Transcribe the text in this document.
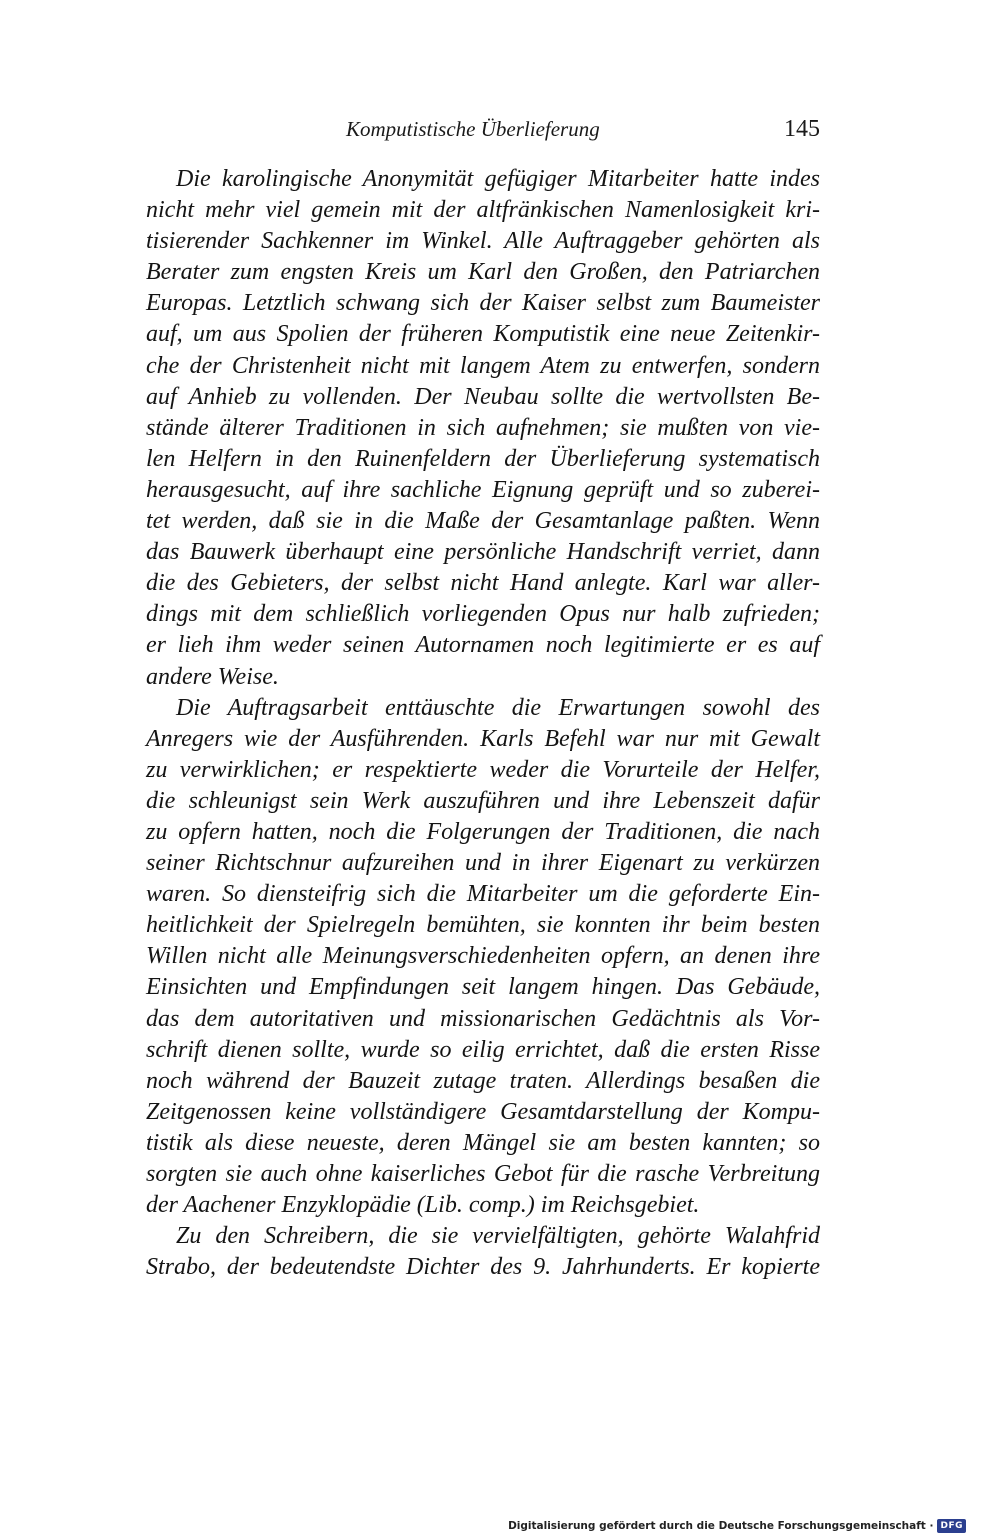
Komputistische Überlieferung	145
Die karolingische Anonymität gefügiger Mitarbeiter hatte indes
nicht mehr viel gemein mit der altfränkischen Namenlosigkeit kri-
tisierender Sachkenner im Winkel. Alle Auftraggeber gehörten als
Berater zum engsten Kreis um Karl den Großen, den Patriarchen
Europas. Letztlich schwang sich der Kaiser selbst zum Baumeister
auf, um aus Spolien der früheren Komputistik eine neue Zeitenkir-
che der Christenheit nicht mit langem Atem zu entwerfen, sondern
auf Anhieb zu vollenden. Der Neubau sollte die wertvollsten Be-
stände älterer Traditionen in sich aufnehmen; sie mußten von vie-
len Helfern in den Ruinenfeldern der Überlieferung systematisch
herausgesucht, auf ihre sachliche Eignung geprüft und so zuberei-
tet werden, daß sie in die Maße der Gesamtanlage paßten. Wenn
das Bauwerk überhaupt eine persönliche Handschrift verriet, dann
die des Gebieters, der selbst nicht Hand anlegte. Karl war aller-
dings mit dem schließlich vorliegenden Opus nur halb zufrieden;
er lieh ihm weder seinen Autornamen noch legitimierte er es auf
andere Weise.
Die Auftragsarbeit enttäuschte die Erwartungen sowohl des
Anregers wie der Ausführenden. Karls Befehl war nur mit Gewalt
zu verwirklichen; er respektierte weder die Vorurteile der Helfer,
die schleunigst sein Werk auszuführen und ihre Lebenszeit dafür
zu opfern hatten, noch die Folgerungen der Traditionen, die nach
seiner Richtschnur aufzureihen und in ihrer Eigenart zu verkürzen
waren. So diensteifrig sich die Mitarbeiter um die geforderte Ein-
heitlichkeit der Spielregeln bemühten, sie konnten ihr beim besten
Willen nicht alle Meinungsverschiedenheiten opfern, an denen ihre
Einsichten und Empfindungen seit langem hingen. Das Gebäude,
das dem autoritativen und missionarischen Gedächtnis als Vor-
schrift dienen sollte, wurde so eilig errichtet, daß die ersten Risse
noch während der Bauzeit zutage traten. Allerdings besaßen die
Zeitgenossen keine vollständigere Gesamtdarstellung der Kompu-
tistik als diese neueste, deren Mängel sie am besten kannten; so
sorgten sie auch ohne kaiserliches Gebot für die rasche Verbreitung
der Aachener Enzyklopädie (Lib. comp.) im Reichsgebiet.
Zu den Schreibern, die sie vervielfältigten, gehörte Walahfrid
Strabo, der bedeutendste Dichter des 9. Jahrhunderts. Er kopierte
Digitalisierung gefördert durch die Deutsche Forschungsgemeinschaft · DFG
